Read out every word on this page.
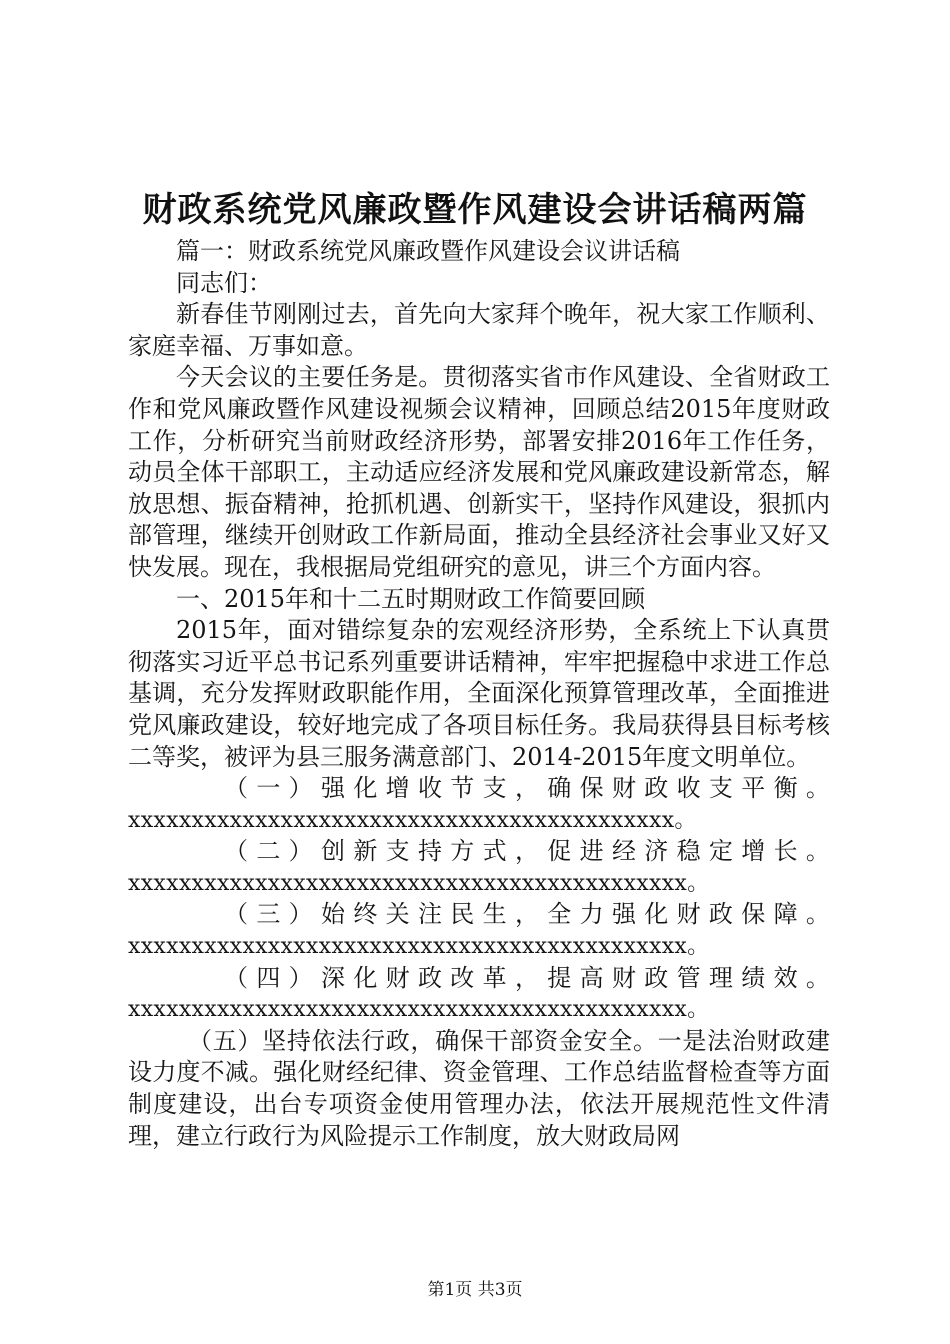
财政系统党风廉政暨作风建设会讲话稿两篇

篇一：财政系统党风廉政暨作风建设会议讲话稿

同志们：

新春佳节刚刚过去，首先向大家拜个晚年，祝大家工作顺利、家庭幸福、万事如意。

今天会议的主要任务是。贯彻落实省市作风建设、全省财政工作和党风廉政暨作风建设视频会议精神，回顾总结2015年度财政工作，分析研究当前财政经济形势，部署安排2016年工作任务，动员全体干部职工，主动适应经济发展和党风廉政建设新常态，解放思想、振奋精神，抢抓机遇、创新实干，坚持作风建设，狠抓内部管理，继续开创财政工作新局面，推动全县经济社会事业又好又快发展。现在，我根据局党组研究的意见，讲三个方面内容。

一、2015年和十二五时期财政工作简要回顾

2015年，面对错综复杂的宏观经济形势，全系统上下认真贯彻落实习近平总书记系列重要讲话精神，牢牢把握稳中求进工作总基调，充分发挥财政职能作用，全面深化预算管理改革，全面推进党风廉政建设，较好地完成了各项目标任务。我局获得县目标考核二等奖，被评为县三服务满意部门、2014-2015年度文明单位。

（ 一 ） 强 化 增 收 节 支 ， 确 保 财 政 收 支 平 衡 。

xxxxxxxxxxxxxxxxxxxxxxxxxxxxxxxxxxxxxxxxxxx。

（ 二 ） 创 新 支 持 方 式 ， 促 进 经 济 稳 定 增 长 。

xxxxxxxxxxxxxxxxxxxxxxxxxxxxxxxxxxxxxxxxxxxx。

（ 三 ） 始 终 关 注 民 生 ， 全 力 强 化 财 政 保 障 。

xxxxxxxxxxxxxxxxxxxxxxxxxxxxxxxxxxxxxxxxxxxx。

（ 四 ） 深 化 财 政 改 革 ， 提 高 财 政 管 理 绩 效 。

xxxxxxxxxxxxxxxxxxxxxxxxxxxxxxxxxxxxxxxxxxxx。

（五）坚持依法行政，确保干部资金安全。一是法治财政建设力度不减。强化财经纪律、资金管理、工作总结监督检查等方面制度建设，出台专项资金使用管理办法，依法开展规范性文件清理，建立行政行为风险提示工作制度，放大财政局网

第1页 共3页
